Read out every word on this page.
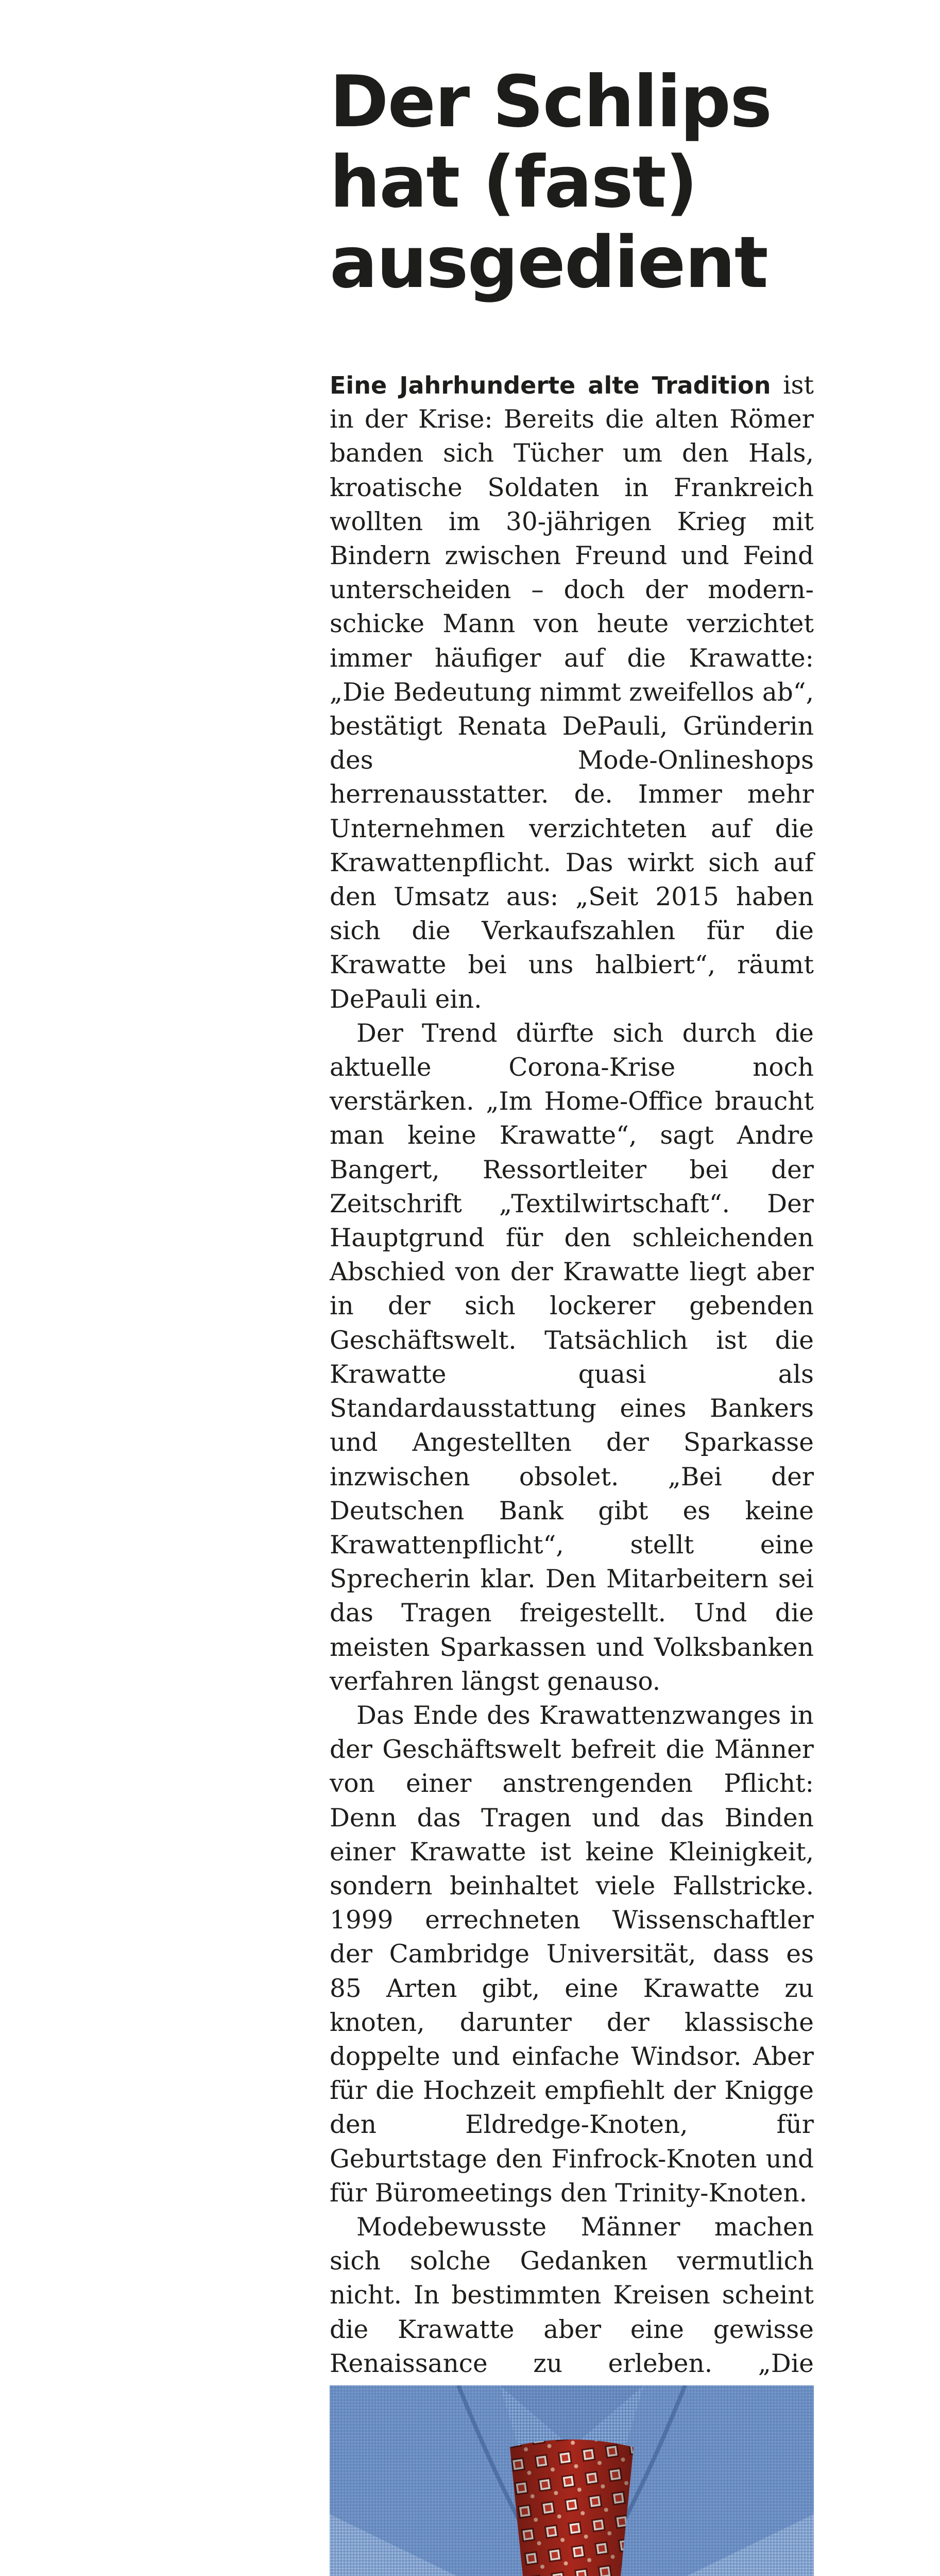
Der Schlips
hat (fast)
ausgedient

Eine Jahrhunderte alte Tradition ist in der Krise: Bereits die alten Römer banden sich Tücher um den Hals, kroatische Soldaten in Frankreich wollten im 30-jährigen Krieg mit Bindern zwischen Freund und Feind unterscheiden – doch der modern-schicke Mann von heute verzichtet immer häufiger auf die Krawatte: „Die Bedeutung nimmt zweifellos ab“, bestätigt Renata DePauli, Gründerin des Mode-Onlineshops herrenausstatter. de. Immer mehr Unternehmen verzichteten auf die Krawattenpflicht. Das wirkt sich auf den Umsatz aus: „Seit 2015 haben sich die Verkaufszahlen für die Krawatte bei uns halbiert“, räumt DePauli ein.

Der Trend dürfte sich durch die aktuelle Corona-Krise noch verstärken. „Im Home-Office braucht man keine Krawatte“, sagt Andre Bangert, Ressortleiter bei der Zeitschrift „Textilwirtschaft“. Der Hauptgrund für den schleichenden Abschied von der Krawatte liegt aber in der sich lockerer gebenden Geschäftswelt. Tatsächlich ist die Krawatte quasi als Standardausstattung eines Bankers und Angestellten der Sparkasse inzwischen obsolet. „Bei der Deutschen Bank gibt es keine Krawattenpflicht“, stellt eine Sprecherin klar. Den Mitarbeitern sei das Tragen freigestellt. Und die meisten Sparkassen und Volksbanken verfahren längst genauso.

Das Ende des Krawattenzwanges in der Geschäftswelt befreit die Männer von einer anstrengenden Pflicht: Denn das Tragen und das Binden einer Krawatte ist keine Kleinigkeit, sondern beinhaltet viele Fallstricke. 1999 errechneten Wissenschaftler der Cambridge Universität, dass es 85 Arten gibt, eine Krawatte zu knoten, darunter der klassische doppelte und einfache Windsor. Aber für die Hochzeit empfiehlt der Knigge den Eldredge-Knoten, für Geburtstage den Finfrock-Knoten und für Büromeetings den Trinity-Knoten.

Modebewusste Männer machen sich solche Gedanken vermutlich nicht. In bestimmten Kreisen scheint die Krawatte aber eine gewisse Renaissance zu erleben. „Die
